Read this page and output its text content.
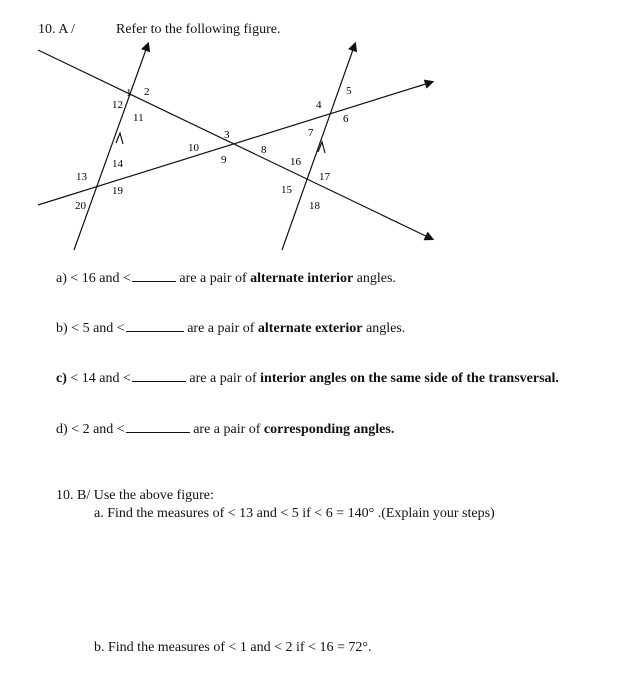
10. A /	Refer to the following figure.
1 2
12
11
10
3
9
8
4
5
6
7
16
17
15
18
13
14
19
20
a) < 16 and <	are a pair of alternate interior angles.
b) < 5 and <	are a pair of alternate exterior angles.
c) < 14 and <	are a pair of interior angles on the same side of the transversal.
d) < 2 and <	are a pair of corresponding angles.
10. B/ Use the above figure:
a. Find the measures of < 13 and < 5 if < 6 = 140° .(Explain your steps)
b. Find the measures of < 1 and < 2 if < 16 = 72°.
